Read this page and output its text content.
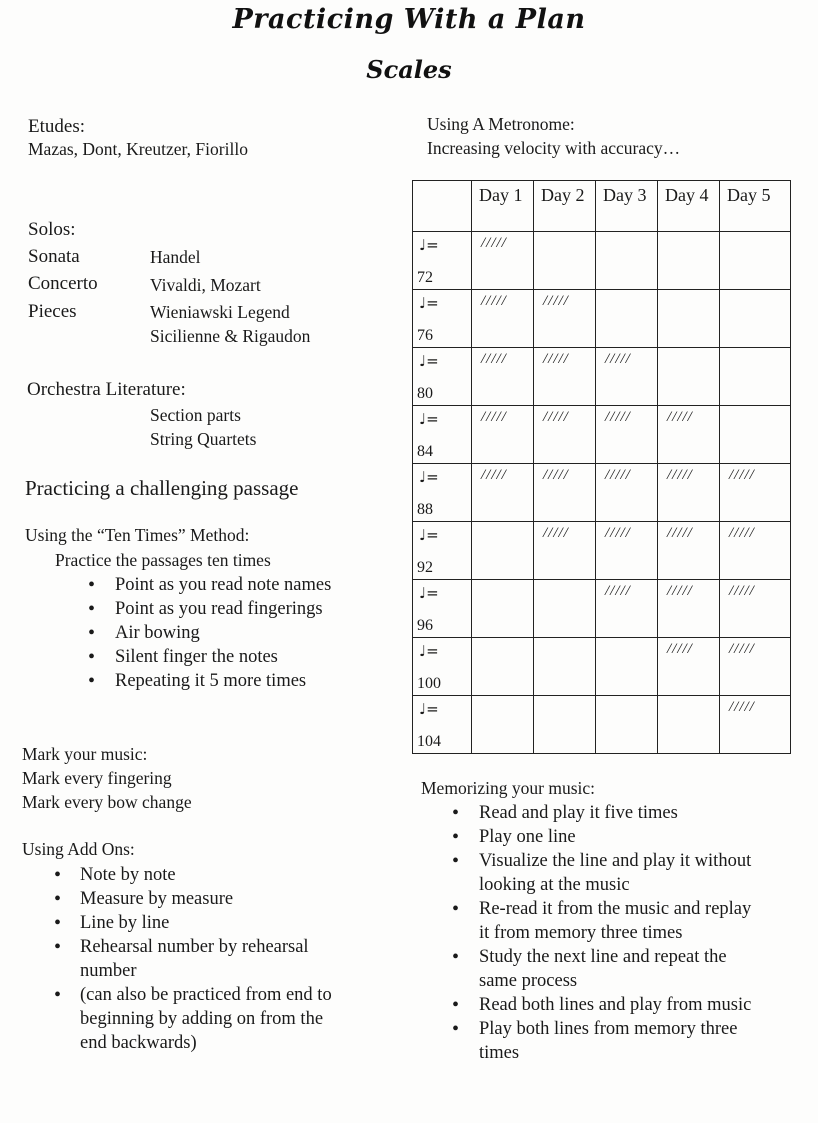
Practicing With a Plan
Scales
Etudes:
Mazas, Dont, Kreutzer, Fiorillo
Solos:
Sonata	Handel
Concerto	Vivaldi, Mozart
Pieces	Wieniawski Legend
Sicilienne & Rigaudon
Orchestra Literature:
Section parts
String Quartets
Practicing a challenging passage
Using the “Ten Times” Method:
Practice the passages ten times
• Point as you read note names
• Point as you read fingerings
• Air bowing
• Silent finger the notes
• Repeating it 5 more times
Mark your music:
Mark every fingering
Mark every bow change
Using Add Ons:
• Note by note
• Measure by measure
• Line by line
• Rehearsal number by rehearsal number
• (can also be practiced from end to beginning by adding on from the end backwards)
Using A Metronome:
Increasing velocity with accuracy…

	Day 1	Day 2	Day 3	Day 4	Day 5

♩=
72	/////				

♩=
76	/////	/////			

♩=
80	/////	/////	/////		

♩=
84	/////	/////	/////	/////	

♩=
88	/////	/////	/////	/////	/////

♩=
92		/////	/////	/////	/////

♩=
96			/////	/////	/////

♩=
100				/////	/////

♩=
104					/////
Memorizing your music:
• Read and play it five times
• Play one line
• Visualize the line and play it without looking at the music
• Re-read it from the music and replay it from memory three times
• Study the next line and repeat the same process
• Read both lines and play from music
• Play both lines from memory three times
